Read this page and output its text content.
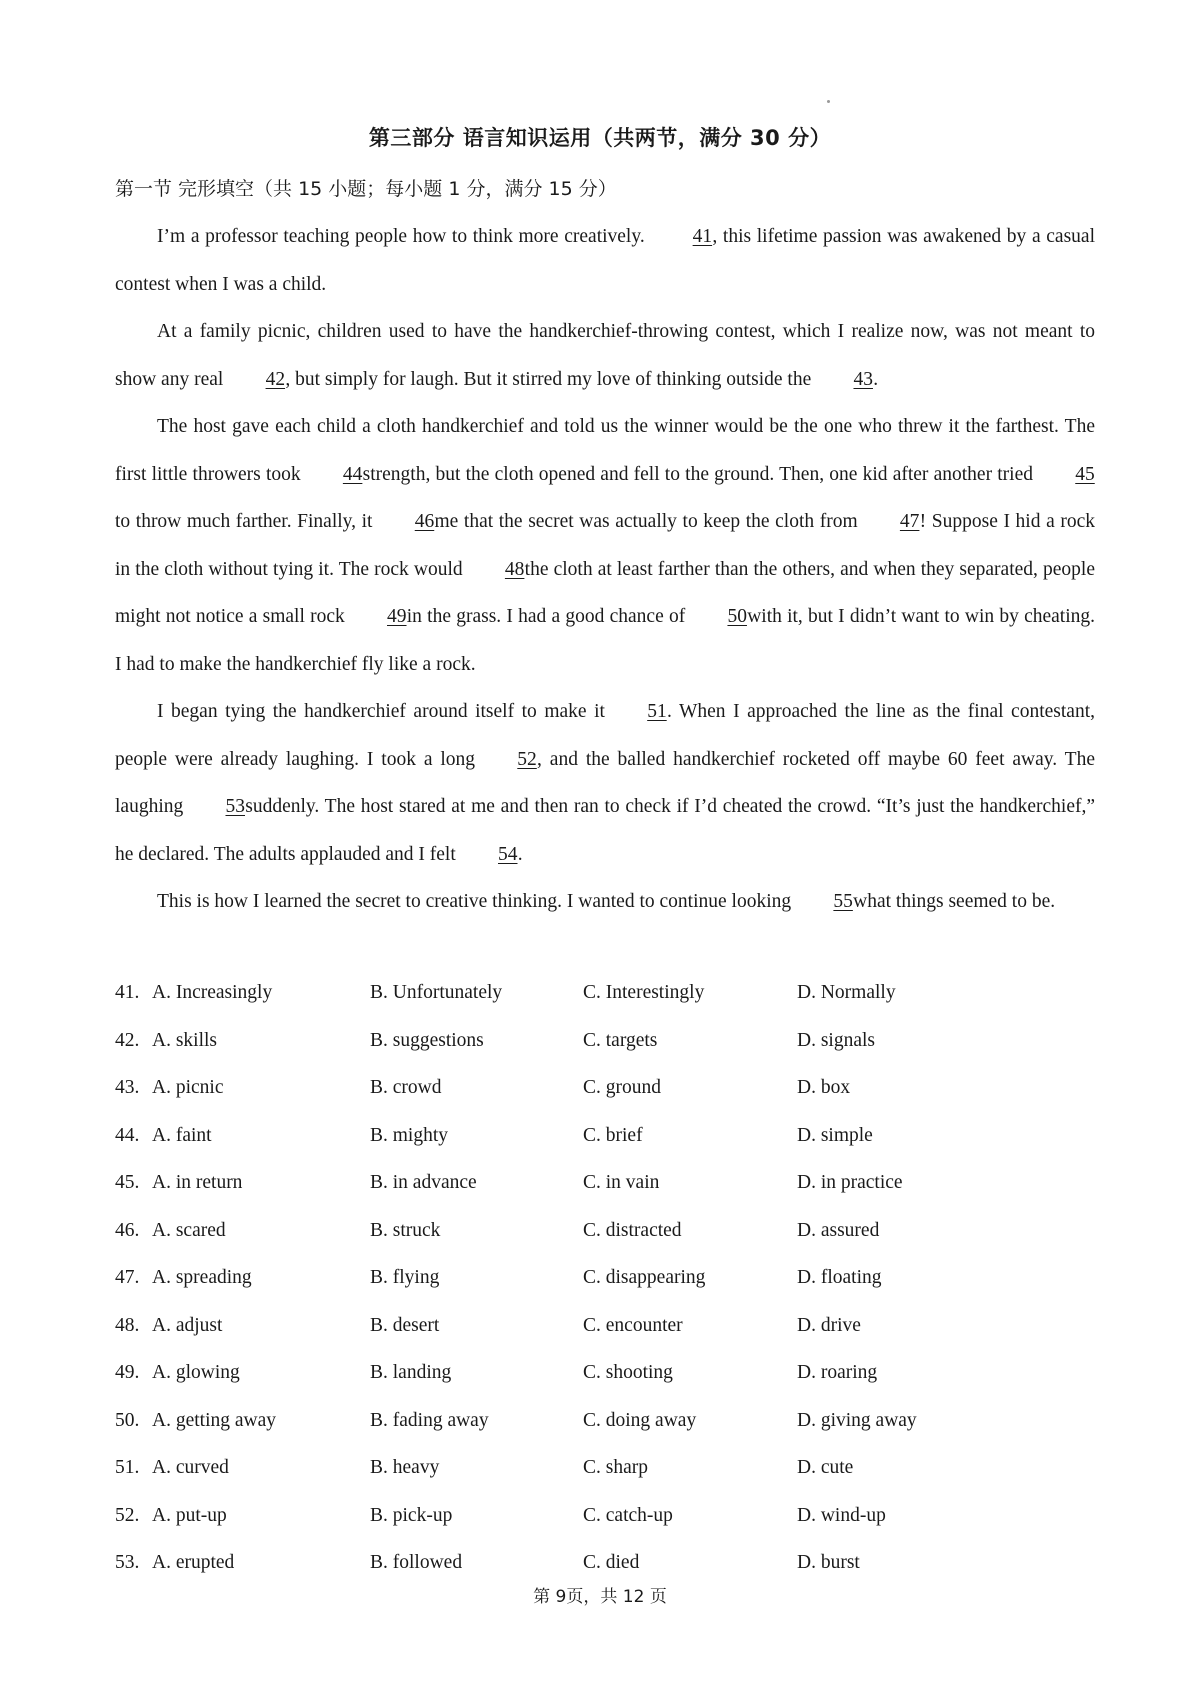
第三部分 语言知识运用（共两节，满分 30 分）
第一节 完形填空（共 15 小题；每小题 1 分，满分 15 分）

I’m a professor teaching people how to think more creatively. 41, this lifetime passion was awakened by a casual contest when I was a child.

At a family picnic, children used to have the handkerchief-throwing contest, which I realize now, was not meant to show any real 42, but simply for laugh. But it stirred my love of thinking outside the 43.

The host gave each child a cloth handkerchief and told us the winner would be the one who threw it the farthest. The first little throwers took 44strength, but the cloth opened and fell to the ground. Then, one kid after another tried 45to throw much farther. Finally, it 46me that the secret was actually to keep the cloth from 47! Suppose I hid a rock in the cloth without tying it. The rock would 48the cloth at least farther than the others, and when they separated, people might not notice a small rock 49in the grass. I had a good chance of 50with it, but I didn’t want to win by cheating. I had to make the handkerchief fly like a rock.

I began tying the handkerchief around itself to make it 51. When I approached the line as the final contestant, people were already laughing. I took a long 52, and the balled handkerchief rocketed off maybe 60 feet away. The laughing 53suddenly. The host stared at me and then ran to check if I’d cheated the crowd. “It’s just the handkerchief,” he declared. The adults applauded and I felt 54.

This is how I learned the secret to creative thinking. I wanted to continue looking 55what things seemed to be.

41. A. Increasingly	B. Unfortunately	C. Interestingly	D. Normally
42. A. skills	B. suggestions	C. targets	D. signals
43. A. picnic	B. crowd	C. ground	D. box
44. A. faint	B. mighty	C. brief	D. simple
45. A. in return	B. in advance	C. in vain	D. in practice
46. A. scared	B. struck	C. distracted	D. assured
47. A. spreading	B. flying	C. disappearing	D. floating
48. A. adjust	B. desert	C. encounter	D. drive
49. A. glowing	B. landing	C. shooting	D. roaring
50. A. getting away	B. fading away	C. doing away	D. giving away
51. A. curved	B. heavy	C. sharp	D. cute
52. A. put-up	B. pick-up	C. catch-up	D. wind-up
53. A. erupted	B. followed	C. died	D. burst
第 9页，共 12 页
